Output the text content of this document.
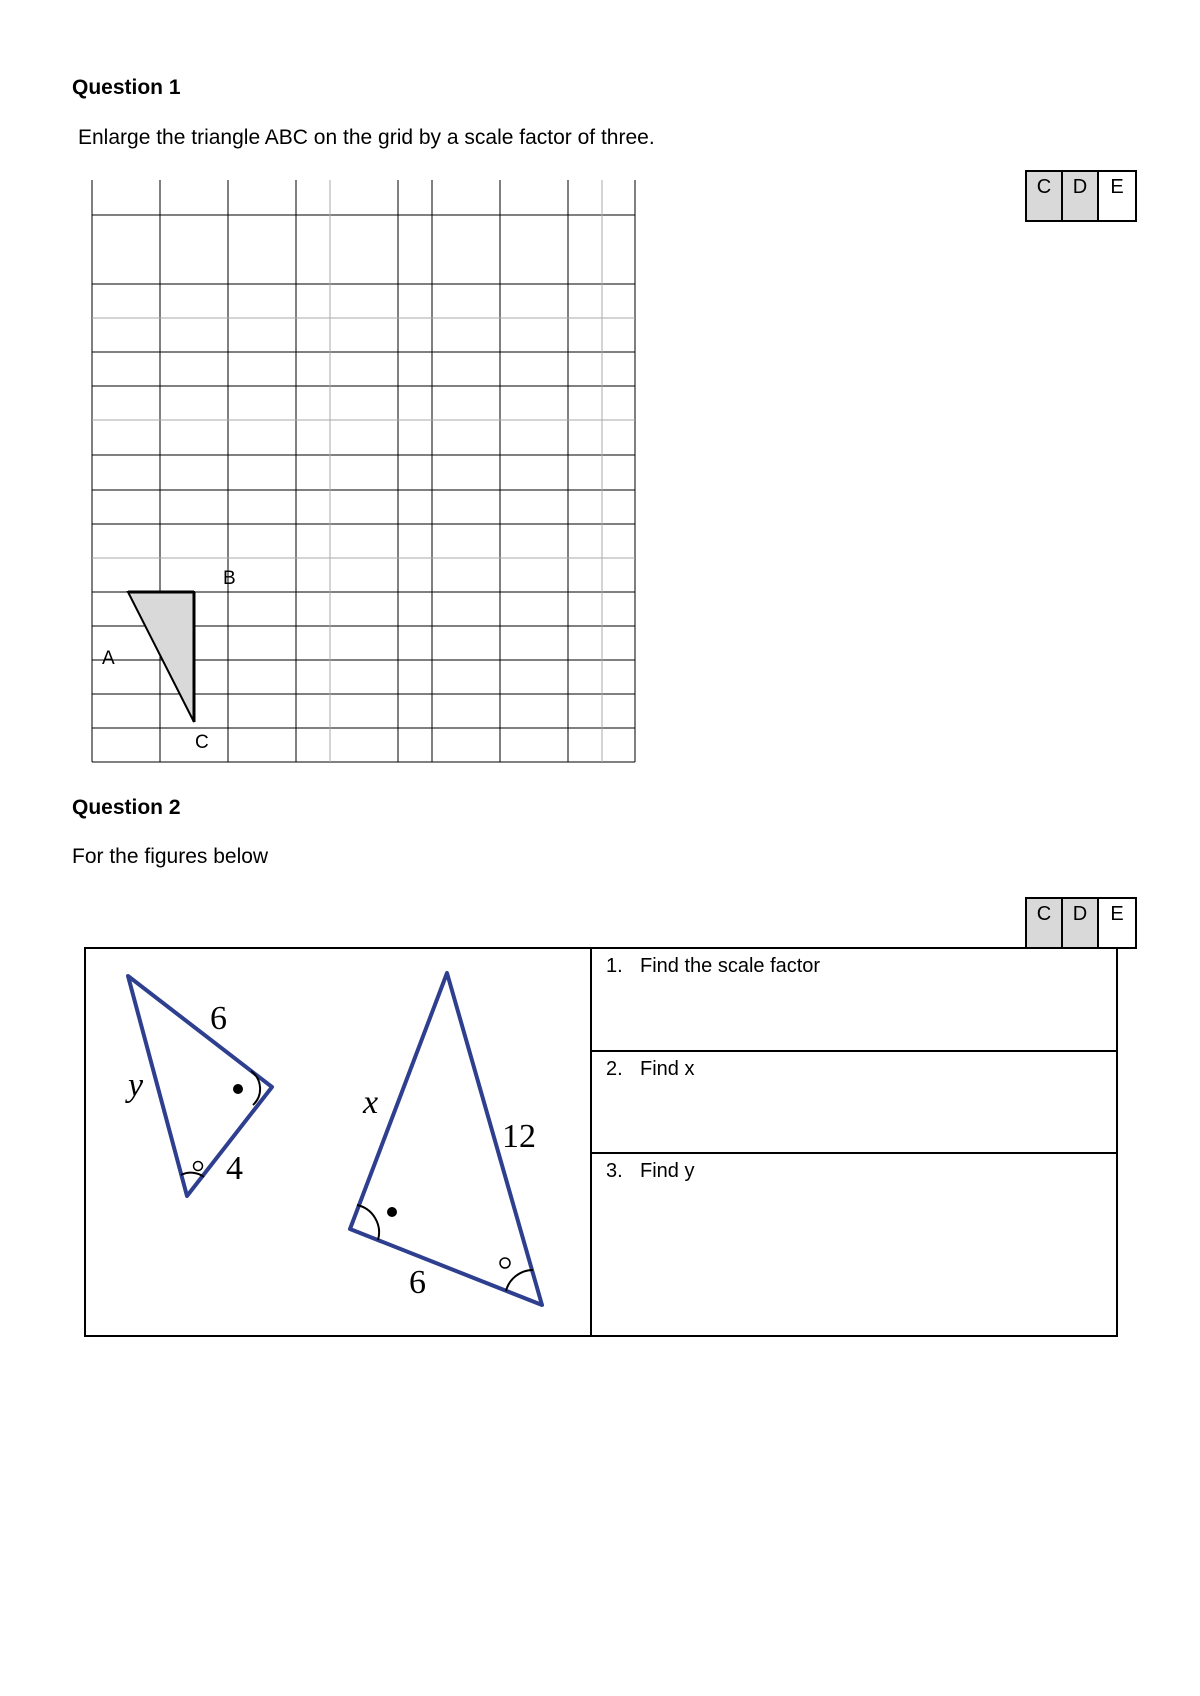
Question 1
Enlarge the triangle ABC on the grid by a scale factor of three.
C	D	E
A
B
C
Question 2
For the figures below
C	D	E
6
y
4
x
12
6
1. Find the scale factor
2. Find x
3. Find y
